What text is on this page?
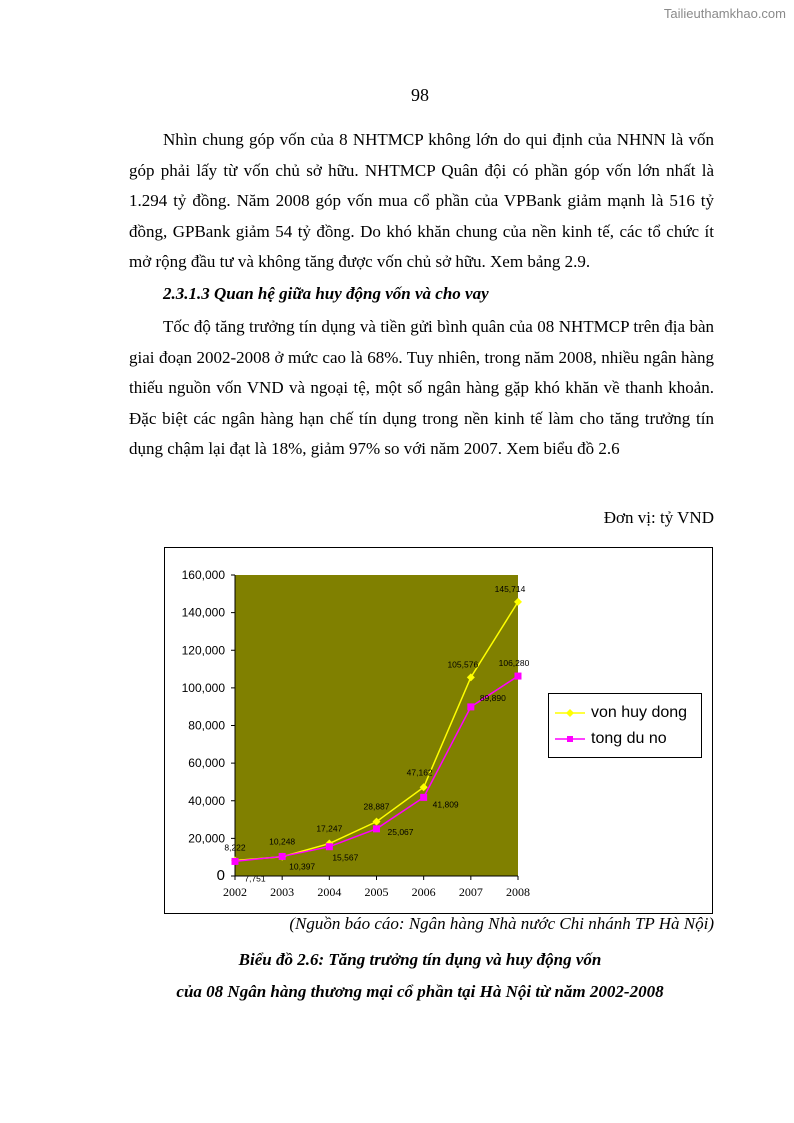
Tailieuthamkhao.com
98
Nhìn chung góp vốn của 8 NHTMCP không lớn do qui định của NHNN là vốn góp phải lấy từ vốn chủ sở hữu. NHTMCP Quân đội có phần góp vốn lớn nhất là 1.294 tỷ đồng. Năm 2008 góp vốn mua cổ phần của VPBank giảm mạnh là 516 tỷ đồng, GPBank giảm 54 tỷ đồng. Do khó khăn chung của nền kinh tế, các tổ chức ít mở rộng đầu tư và không tăng được vốn chủ sở hữu. Xem bảng 2.9.
2.3.1.3 Quan hệ giữa huy động vốn và cho vay
Tốc độ tăng trưởng tín dụng và tiền gửi bình quân của 08 NHTMCP trên địa bàn giai đoạn 2002-2008 ở mức cao là 68%. Tuy nhiên, trong năm 2008, nhiều ngân hàng thiếu nguồn vốn VND và ngoại tệ, một số ngân hàng gặp khó khăn về thanh khoản. Đặc biệt các ngân hàng hạn chế tín dụng trong nền kinh tế làm cho tăng trưởng tín dụng chậm lại đạt là 18%, giảm 97% so với năm 2007. Xem biểu đồ 2.6
Đơn vị: tỷ VND
0
20,000
40,000
60,000
80,000
100,000
120,000
140,000
160,000
2002 2003 2004 2005 2006 2007 2008
8,222
10,248
17,247
28,887
47,162
105,576
145,714
7,751
10,397
15,567
25,067
41,809
89,890
106,280
von huy dong
tong du no
(Nguồn báo cáo: Ngân hàng Nhà nước Chi nhánh TP Hà Nội)
Biểu đồ 2.6: Tăng trưởng tín dụng và huy động vốn
của 08 Ngân hàng thương mại cổ phần tại Hà Nội từ năm 2002-2008
